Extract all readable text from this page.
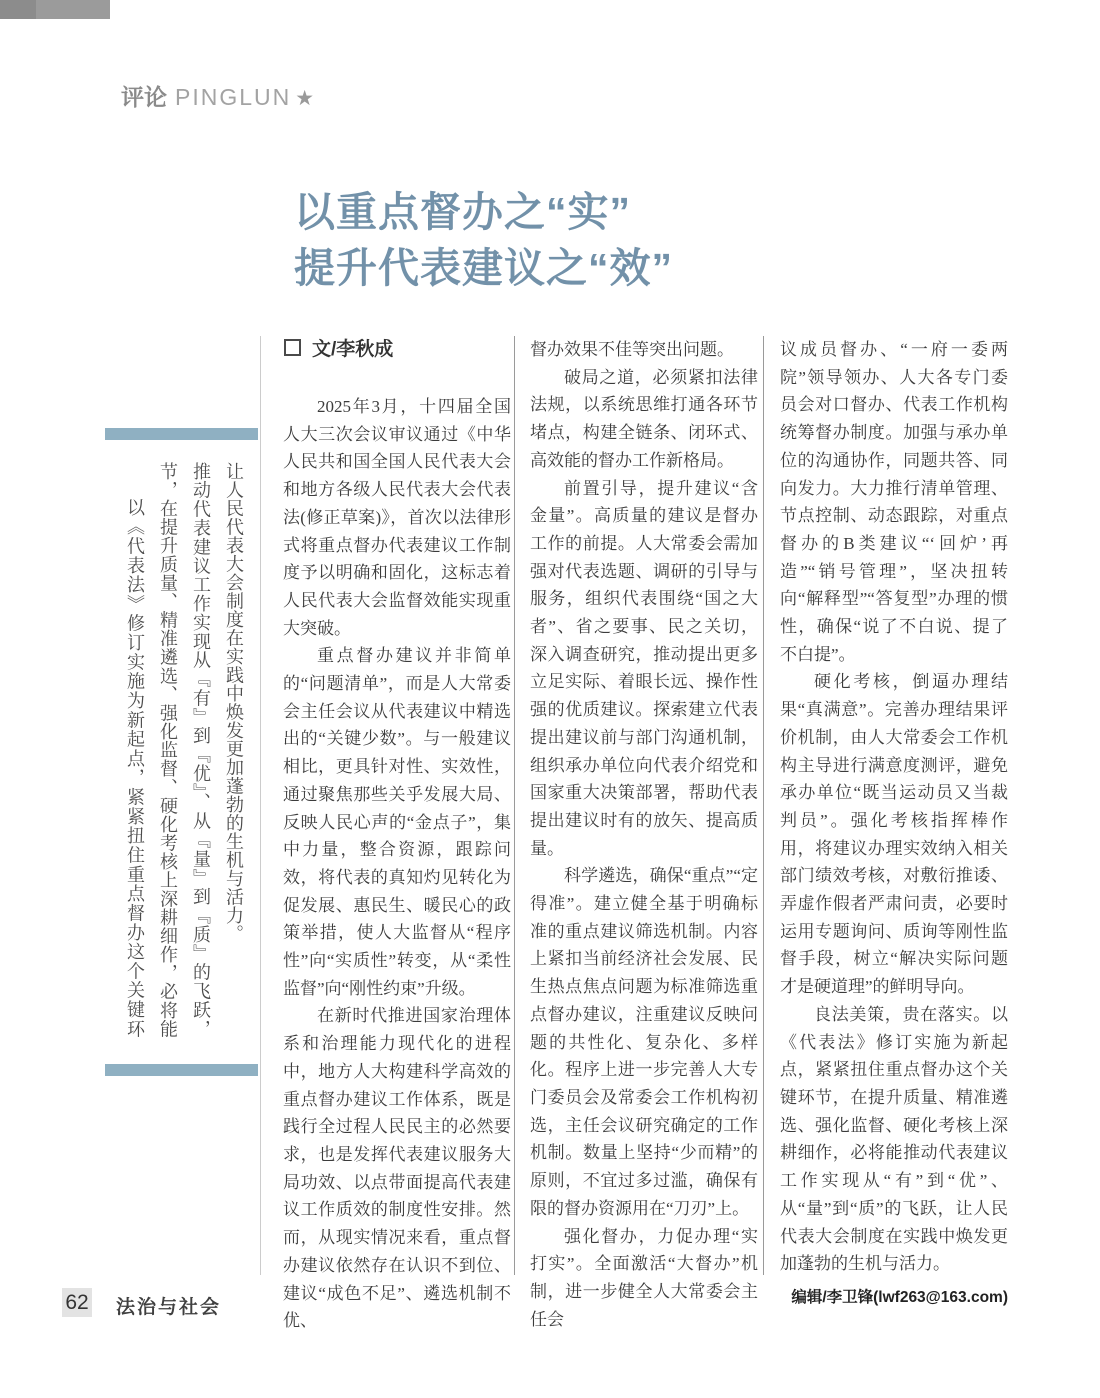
评论 PINGLUN ★
以重点督办之“实”
提升代表建议之“效”
文/李秋成
以《代表法》修订实施为新起点，紧紧扭住重点督办这个关键环节，在提升质量、精准遴选、强化监督、硬化考核上深耕细作，必将能推动代表建议工作实现从『有』到『优』、从『量』到『质』的飞跃，让人民代表大会制度在实践中焕发更加蓬勃的生机与活力。

2025年3月，十四届全国人大三次会议审议通过《中华人民共和国全国人民代表大会和地方各级人民代表大会代表法(修正草案)》，首次以法律形式将重点督办代表建议工作制度予以明确和固化，这标志着人民代表大会监督效能实现重大突破。

重点督办建议并非简单的“问题清单”，而是人大常委会主任会议从代表建议中精选出的“关键少数”。与一般建议相比，更具针对性、实效性，通过聚焦那些关乎发展大局、反映人民心声的“金点子”，集中力量，整合资源，跟踪问效，将代表的真知灼见转化为促发展、惠民生、暖民心的政策举措，使人大监督从“程序性”向“实质性”转变，从“柔性监督”向“刚性约束”升级。

在新时代推进国家治理体系和治理能力现代化的进程中，地方人大构建科学高效的重点督办建议工作体系，既是践行全过程人民民主的必然要求，也是发挥代表建议服务大局功效、以点带面提高代表建议工作质效的制度性安排。然而，从现实情况来看，重点督办建议依然存在认识不到位、建议“成色不足”、遴选机制不优、

督办效果不佳等突出问题。

破局之道，必须紧扣法律法规，以系统思维打通各环节堵点，构建全链条、闭环式、高效能的督办工作新格局。

前置引导，提升建议“含金量”。高质量的建议是督办工作的前提。人大常委会需加强对代表选题、调研的引导与服务，组织代表围绕“国之大者”、省之要事、民之关切，深入调查研究，推动提出更多立足实际、着眼长远、操作性强的优质建议。探索建立代表提出建议前与部门沟通机制，组织承办单位向代表介绍党和国家重大决策部署，帮助代表提出建议时有的放矢、提高质量。

科学遴选，确保“重点”“定得准”。建立健全基于明确标准的重点建议筛选机制。内容上紧扣当前经济社会发展、民生热点焦点问题为标准筛选重点督办建议，注重建议反映问题的共性化、复杂化、多样化。程序上进一步完善人大专门委员会及常委会工作机构初选，主任会议研究确定的工作机制。数量上坚持“少而精”的原则，不宜过多过滥，确保有限的督办资源用在“刀刃”上。

强化督办，力促办理“实打实”。全面激活“大督办”机制，进一步健全人大常委会主任会

议成员督办、“一府一委两院”领导领办、人大各专门委员会对口督办、代表工作机构统筹督办制度。加强与承办单位的沟通协作，同题共答、同向发力。大力推行清单管理、节点控制、动态跟踪，对重点督办的B类建议“‘回炉’再造”“销号管理”，坚决扭转向“解释型”“答复型”办理的惯性，确保“说了不白说、提了不白提”。

硬化考核，倒逼办理结果“真满意”。完善办理结果评价机制，由人大常委会工作机构主导进行满意度测评，避免承办单位“既当运动员又当裁判员”。强化考核指挥棒作用，将建议办理实效纳入相关部门绩效考核，对敷衍推诿、弄虚作假者严肃问责，必要时运用专题询问、质询等刚性监督手段，树立“解决实际问题才是硬道理”的鲜明导向。

良法美策，贵在落实。以《代表法》修订实施为新起点，紧紧扭住重点督办这个关键环节，在提升质量、精准遴选、强化监督、硬化考核上深耕细作，必将能推动代表建议工作实现从“有”到“优”、从“量”到“质”的飞跃，让人民代表大会制度在实践中焕发更加蓬勃的生机与活力。

编辑/李卫锋(lwf263@163.com)
62 法治与社会
